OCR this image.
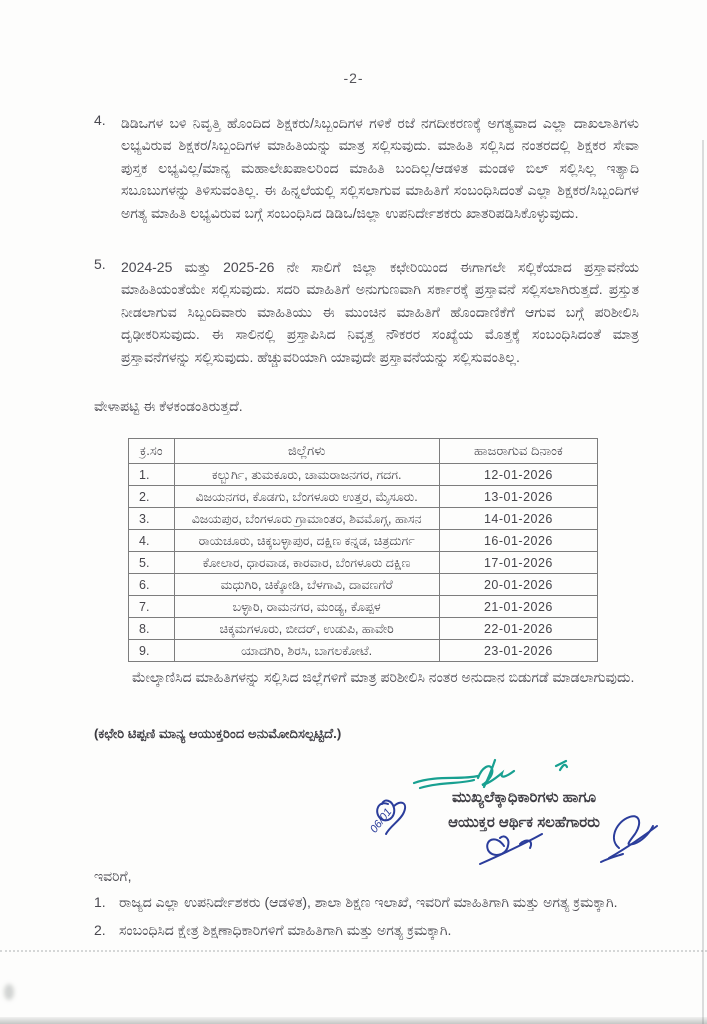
-2-
4.	ಡಿಡಿಒಗಳ ಬಳಿ ನಿವೃತ್ತಿ ಹೊಂದಿದ ಶಿಕ್ಷಕರು/ಸಿಬ್ಬಂದಿಗಳ ಗಳಿಕೆ ರಜೆ ನಗದೀಕರಣಕ್ಕೆ ಅಗತ್ಯವಾದ ಎಲ್ಲಾ ದಾಖಲಾತಿಗಳು ಲಭ್ಯವಿರುವ ಶಿಕ್ಷಕರ/ಸಿಬ್ಬಂದಿಗಳ ಮಾಹಿತಿಯನ್ನು ಮಾತ್ರ ಸಲ್ಲಿಸುವುದು. ಮಾಹಿತಿ ಸಲ್ಲಿಸಿದ ನಂತರದಲ್ಲಿ ಶಿಕ್ಷಕರ ಸೇವಾ ಪುಸ್ತಕ ಲಭ್ಯವಿಲ್ಲ/ಮಾನ್ಯ ಮಹಾಲೇಖಪಾಲರಿಂದ ಮಾಹಿತಿ ಬಂದಿಲ್ಲ/ಆಡಳಿತ ಮಂಡಳಿ ಬಿಲ್ ಸಲ್ಲಿಸಿಲ್ಲ ಇತ್ಯಾದಿ ಸಬೂಬುಗಳನ್ನು ತಿಳಿಸುವಂತಿಲ್ಲ. ಈ ಹಿನ್ನಲೆಯಲ್ಲಿ ಸಲ್ಲಿಸಲಾಗುವ ಮಾಹಿತಿಗೆ ಸಂಬಂಧಿಸಿದಂತೆ ಎಲ್ಲಾ ಶಿಕ್ಷಕರ/ಸಿಬ್ಬಂದಿಗಳ ಅಗತ್ಯ ಮಾಹಿತಿ ಲಭ್ಯವಿರುವ ಬಗ್ಗೆ ಸಂಬಂಧಿಸಿದ ಡಿಡಿಒ/ಜಿಲ್ಲಾ ಉಪನಿರ್ದೇಶಕರು ಖಾತರಿಪಡಿಸಿಕೊಳ್ಳುವುದು.
5.	2024-25 ಮತ್ತು 2025-26 ನೇ ಸಾಲಿಗೆ ಜಿಲ್ಲಾ ಕಛೇರಿಯಿಂದ ಈಗಾಗಲೇ ಸಲ್ಲಿಕೆಯಾದ ಪ್ರಸ್ತಾವನೆಯ ಮಾಹಿತಿಯಂತೆಯೇ ಸಲ್ಲಿಸುವುದು. ಸದರಿ ಮಾಹಿತಿಗೆ ಅನುಗುಣವಾಗಿ ಸರ್ಕಾರಕ್ಕೆ ಪ್ರಸ್ತಾವನೆ ಸಲ್ಲಿಸಲಾಗಿರುತ್ತದೆ. ಪ್ರಸ್ತುತ ನೀಡಲಾಗುವ ಸಿಬ್ಬಂದಿವಾರು ಮಾಹಿತಿಯು ಈ ಮುಂಚಿನ ಮಾಹಿತಿಗೆ ಹೊಂದಾಣಿಕೆಗೆ ಆಗುವ ಬಗ್ಗೆ ಪರಿಶೀಲಿಸಿ ದೃಢೀಕರಿಸುವುದು. ಈ ಸಾಲಿನಲ್ಲಿ ಪ್ರಸ್ತಾಪಿಸಿದ ನಿವೃತ್ತ ನೌಕರರ ಸಂಖ್ಯೆಯ ಮೊತ್ತಕ್ಕೆ ಸಂಬಂಧಿಸಿದಂತೆ ಮಾತ್ರ ಪ್ರಸ್ತಾವನೆಗಳನ್ನು ಸಲ್ಲಿಸುವುದು. ಹೆಚ್ಚುವರಿಯಾಗಿ ಯಾವುದೇ ಪ್ರಸ್ತಾವನೆಯನ್ನು ಸಲ್ಲಿಸುವಂತಿಲ್ಲ.
ವೇಳಾಪಟ್ಟಿ ಈ ಕೆಳಕಂಡಂತಿರುತ್ತದೆ.
ಕ್ರ.ಸಂ	ಜಿಲ್ಲೆಗಳು	ಹಾಜರಾಗುವ ದಿನಾಂಕ
1.	ಕಲ್ಬುರ್ಗಿ, ತುಮಕೂರು, ಚಾಮರಾಜನಗರ, ಗದಗ.	12-01-2026
2.	ವಿಜಯನಗರ, ಕೊಡಗು, ಬೆಂಗಳೂರು ಉತ್ತರ, ಮೈಸೂರು.	13-01-2026
3.	ವಿಜಯಪುರ, ಬೆಂಗಳೂರು ಗ್ರಾಮಾಂತರ, ಶಿವಮೊಗ್ಗ, ಹಾಸನ	14-01-2026
4.	ರಾಯಚೂರು, ಚಿಕ್ಕಬಳ್ಳಾಪುರ, ದಕ್ಷಿಣ ಕನ್ನಡ, ಚಿತ್ರದುರ್ಗ	16-01-2026
5.	ಕೋಲಾರ, ಧಾರವಾಡ, ಕಾರವಾರ, ಬೆಂಗಳೂರು ದಕ್ಷಿಣ	17-01-2026
6.	ಮಧುಗಿರಿ, ಚಿಕ್ಕೋಡಿ, ಬೆಳಗಾವಿ, ದಾವಣಗೆರೆ	20-01-2026
7.	ಬಳ್ಳಾರಿ, ರಾಮನಗರ, ಮಂಡ್ಯ, ಕೊಪ್ಪಳ	21-01-2026
8.	ಚಿಕ್ಕಮಗಳೂರು, ಬೀದರ್, ಉಡುಪಿ, ಹಾವೇರಿ	22-01-2026
9.	ಯಾದಗಿರಿ, ಶಿರಸಿ, ಬಾಗಲಕೋಟೆ.	23-01-2026
ಮೇಲ್ಕಾಣಿಸಿದ ಮಾಹಿತಿಗಳನ್ನು ಸಲ್ಲಿಸಿದ ಜಿಲ್ಲೆಗಳಿಗೆ ಮಾತ್ರ ಪರಿಶೀಲಿಸಿ ನಂತರ ಅನುದಾನ ಬಿಡುಗಡೆ ಮಾಡಲಾಗುವುದು.
(ಕಛೇರಿ ಟಿಪ್ಪಣಿ ಮಾನ್ಯ ಆಯುಕ್ತರಿಂದ ಅನುಮೋದಿಸಲ್ಪಟ್ಟಿದೆ.)
ಮುಖ್ಯಲೆಕ್ಕಾಧಿಕಾರಿಗಳು ಹಾಗೂ
ಆಯುಕ್ತರ ಆರ್ಥಿಕ ಸಲಹೆಗಾರರು
06/01
ಇವರಿಗೆ,
1. ರಾಜ್ಯದ ಎಲ್ಲಾ ಉಪನಿರ್ದೇಶಕರು (ಆಡಳಿತ), ಶಾಲಾ ಶಿಕ್ಷಣ ಇಲಾಖೆ, ಇವರಿಗೆ ಮಾಹಿತಿಗಾಗಿ ಮತ್ತು ಅಗತ್ಯ ಕ್ರಮಕ್ಕಾಗಿ.
2. ಸಂಬಂಧಿಸಿದ ಕ್ಷೇತ್ರ ಶಿಕ್ಷಣಾಧಿಕಾರಿಗಳಿಗೆ ಮಾಹಿತಿಗಾಗಿ ಮತ್ತು ಅಗತ್ಯ ಕ್ರಮಕ್ಕಾಗಿ.
